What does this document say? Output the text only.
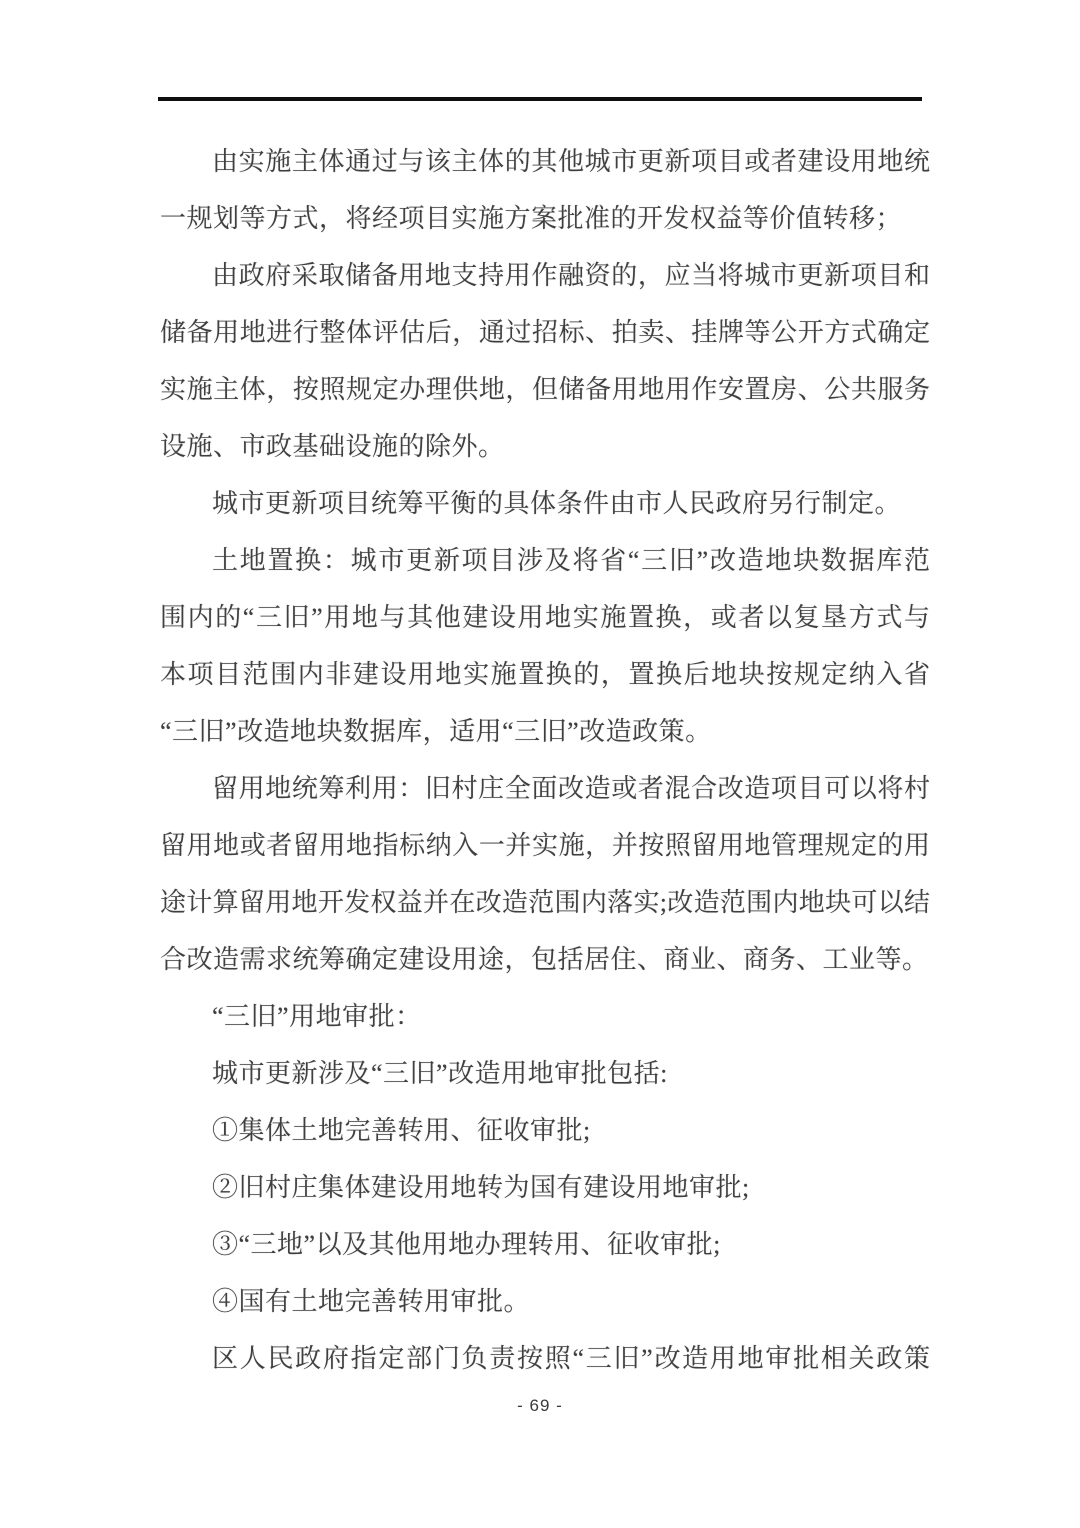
由实施主体通过与该主体的其他城市更新项目或者建设用地统
一规划等方式，将经项目实施方案批准的开发权益等价值转移；
由政府采取储备用地支持用作融资的，应当将城市更新项目和
储备用地进行整体评估后，通过招标、拍卖、挂牌等公开方式确定
实施主体，按照规定办理供地，但储备用地用作安置房、公共服务
设施、市政基础设施的除外。
城市更新项目统筹平衡的具体条件由市人民政府另行制定。
土地置换：城市更新项目涉及将省“三旧”改造地块数据库范
围内的“三旧”用地与其他建设用地实施置换，或者以复垦方式与
本项目范围内非建设用地实施置换的，置换后地块按规定纳入省
“三旧”改造地块数据库，适用“三旧”改造政策。
留用地统筹利用：旧村庄全面改造或者混合改造项目可以将村
留用地或者留用地指标纳入一并实施，并按照留用地管理规定的用
途计算留用地开发权益并在改造范围内落实;改造范围内地块可以结
合改造需求统筹确定建设用途，包括居住、商业、商务、工业等。
“三旧”用地审批：
城市更新涉及“三旧”改造用地审批包括:
①集体土地完善转用、征收审批;
②旧村庄集体建设用地转为国有建设用地审批;
③“三地”以及其他用地办理转用、征收审批;
④国有土地完善转用审批。
区人民政府指定部门负责按照“三旧”改造用地审批相关政策
- 69 -
